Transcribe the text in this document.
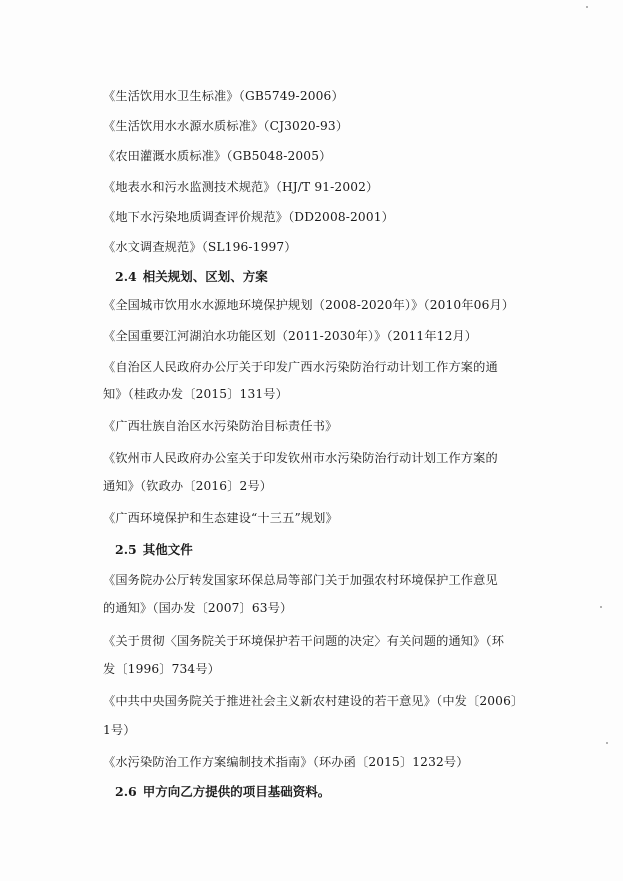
《生活饮用水卫生标准》（GB5749-2006）
《生活饮用水水源水质标准》（CJ3020-93）
《农田灌溉水质标准》（GB5048-2005）
《地表水和污水监测技术规范》（HJ/T 91-2002）
《地下水污染地质调查评价规范》（DD2008-2001）
《水文调查规范》（SL196-1997）
2.4 相关规划、区划、方案
《全国城市饮用水水源地环境保护规划（2008-2020年）》（2010年06月）
《全国重要江河湖泊水功能区划（2011-2030年）》（2011年12月）
《自治区人民政府办公厅关于印发广西水污染防治行动计划工作方案的通
知》（桂政办发〔2015〕131号）
《广西壮族自治区水污染防治目标责任书》
《钦州市人民政府办公室关于印发钦州市水污染防治行动计划工作方案的
通知》（钦政办〔2016〕2号）
《广西环境保护和生态建设“十三五”规划》
2.5 其他文件
《国务院办公厅转发国家环保总局等部门关于加强农村环境保护工作意见
的通知》（国办发〔2007〕63号）
《关于贯彻〈国务院关于环境保护若干问题的决定〉有关问题的通知》（环
发〔1996〕734号）
《中共中央国务院关于推进社会主义新农村建设的若干意见》（中发〔2006〕
1号）
《水污染防治工作方案编制技术指南》（环办函〔2015〕1232号）
2.6 甲方向乙方提供的项目基础资料。
